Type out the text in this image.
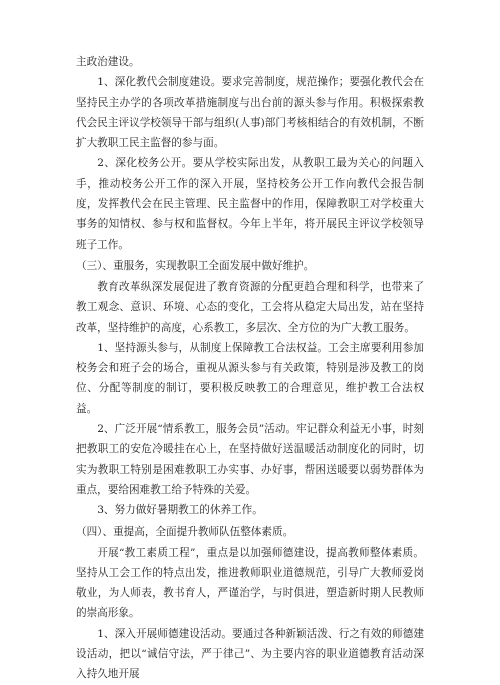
主政治建设。

1、深化教代会制度建设。要求完善制度，规范操作；要强化教代会在坚持民主办学的各项改革措施制度与出台前的源头参与作用。积极探索教代会民主评议学校领导干部与组织(人事)部门考核相结合的有效机制，不断扩大教职工民主监督的参与面。

2、深化校务公开。要从学校实际出发，从教职工最为关心的问题入手，推动校务公开工作的深入开展，坚持校务公开工作向教代会报告制度，发挥教代会在民主管理、民主监督中的作用，保障教职工对学校重大事务的知情权、参与权和监督权。今年上半年，将开展民主评议学校领导班子工作。

（三）、重服务，实现教职工全面发展中做好维护。

教育改革纵深发展促进了教育资源的分配更趋合理和科学，也带来了教工观念、意识、环境、心态的变化，工会将从稳定大局出发，站在坚持改革，坚持维护的高度，心系教工，多层次、全方位的为广大教工服务。

1、坚持源头参与，从制度上保障教工合法权益。工会主席要利用参加校务会和班子会的场合，重视从源头参与有关政策，特别是涉及教工的岗位、分配等制度的制订，要积极反映教工的合理意见，维护教工合法权益。

2、广泛开展“情系教工，服务会员”活动。牢记群众利益无小事，时刻把教职工的安危冷暖挂在心上，在坚持做好送温暖活动制度化的同时，切实为教职工特别是困难教职工办实事、办好事，帮困送暖要以弱势群体为重点，要给困难教工给予特殊的关爱。

3、努力做好暑期教工的休养工作。

（四）、重提高，全面提升教师队伍整体素质。

开展“教工素质工程”，重点是以加强师德建设，提高教师整体素质。坚持从工会工作的特点出发，推进教师职业道德规范，引导广大教师爱岗敬业，为人师表，教书育人，严谨治学，与时俱进，塑造新时期人民教师的崇高形象。

1、深入开展师德建设活动。要通过各种新颖活泼、行之有效的师德建设活动，把以“诚信守法，严于律己”、为主要内容的职业道德教育活动深入持久地开展
